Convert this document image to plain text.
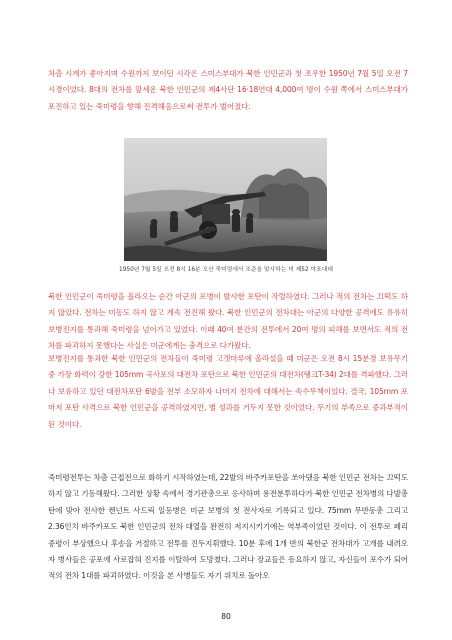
차츰 시계가 좋아지며 수원까지 보이던 시각은 스미스부대가 북한 인민군과 첫 조우한 1950년 7월 5일 오전 7시경이었다. 8대의 전차를 앞세운 북한 인민군의 제4사단 16·18연대 4,000여 명이 수원 쪽에서 스미스부대가 포진하고 있는 죽미령을 향해 진격해옴으로써 전투가 벌어졌다.

1950년 7월 5일 오전 8시 16분 오산 죽미령에서 조준을 맞사하는 미 제52 야포대대

북한 인민군이 죽미령을 올라오는 순간 아군의 포병이 발사한 포탄이 작렬하였다. 그러나 적의 전차는 끄떡도 하지 않았다. 전차는 미동도 하지 않고 계속 전진해 왔다. 북한 인민군의 전차대는 아군의 다양한 공격에도 유유히 보병진지를 통과해 죽미령을 넘어가고 있었다. 이때 40여 분간의 전투에서 20여 명의 피해를 보면서도 적의 전차를 파괴하지 못했다는 사실은 미군에게는 충격으로 다가왔다.

보병진지를 통과한 북한 인민군의 전차들이 죽미령 고갯마루에 올라섰을 때 미군은 오전 8시 15분경 보유무기 중 가장 화력이 강한 105mm 곡사포의 대전차 포탄으로 북한 인민군의 대전차(탱크T-34) 2대를 격파했다. 그러나 보유하고 있던 대전차포탄 6발을 전부 소모하자 나머지 전차에 대해서는 속수무책이었다. 결국, 105mm 포마저 포탄 사격으로 북한 인민군을 공격하였지만, 별 성과를 거두지 못한 것이었다. 무기의 부족으로 중과부적이 된 것이다.

죽미령전투는 차츰 근접전으로 화하기 시작하였는데, 22발의 바주카포탄을 쏘아댔음 북한 인민군 전차는 끄떡도 하지 않고 기동해왔다. 그러한 상황 속에서 경기관총으로 응사하며 용전분투하다가 북한 인민군 전차병의 다발총탄에 맞아 전사한 켄넌트 사드릭 일등병은 미군 보병의 첫 전사자로 기록되고 있다. 75mm 무반동총 그리고 2.36인치 바주카포도 북한 인민군의 전차 대열을 완전히 저지시키기에는 역부족이었던 것이다. 이 전투로 페리 중령이 부상했으나 후송을 거절하고 전투를 진두지휘했다. 10분 후에 1개 반의 북한군 전차대가 고개를 내려오자 병사들은 공포에 사로잡혀 진지를 이탈하여 도망쳤다. 그러나 장교들은 동요하지 않고, 자신들이 포수가 되어 적의 전차 1대를 파괴하였다. 이것을 본 사병들도 자기 위치로 돌아오

80
